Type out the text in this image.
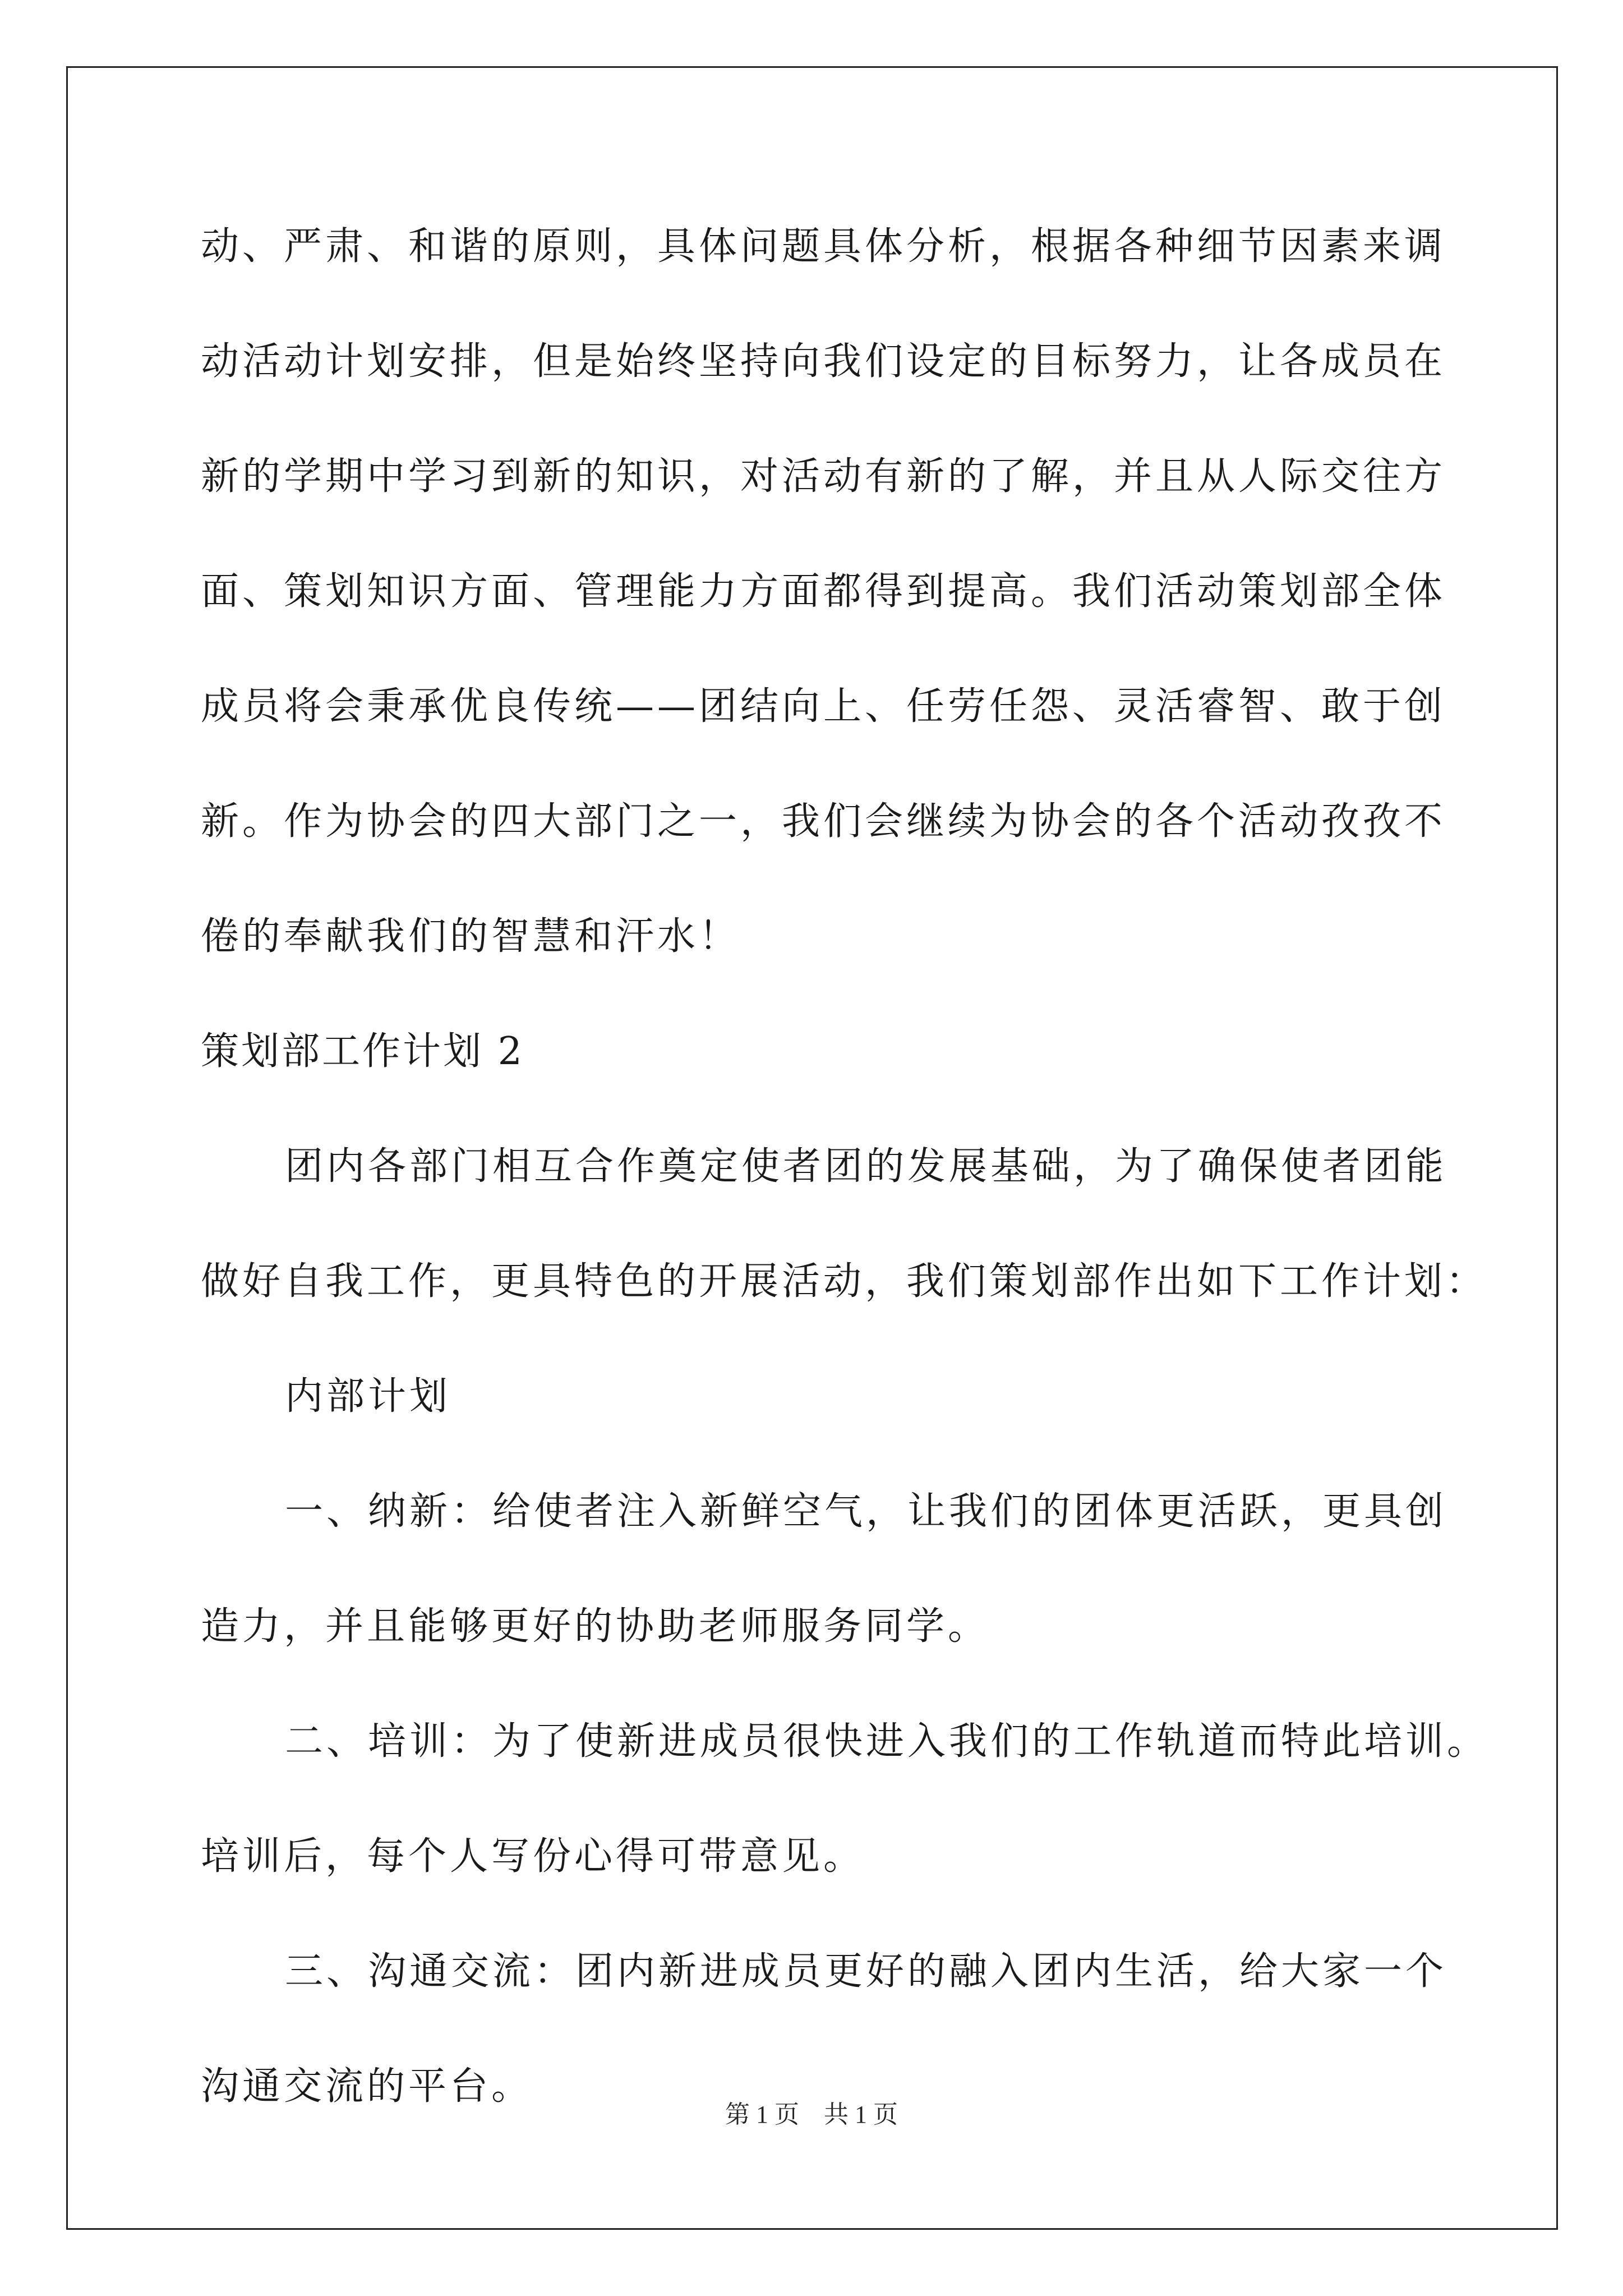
动、严肃、和谐的原则，具体问题具体分析，根据各种细节因素来调
动活动计划安排，但是始终坚持向我们设定的目标努力，让各成员在
新的学期中学习到新的知识，对活动有新的了解，并且从人际交往方
面、策划知识方面、管理能力方面都得到提高。我们活动策划部全体
成员将会秉承优良传统——团结向上、任劳任怨、灵活睿智、敢于创
新。作为协会的四大部门之一，我们会继续为协会的各个活动孜孜不
倦的奉献我们的智慧和汗水！
策划部工作计划 2
团内各部门相互合作奠定使者团的发展基础，为了确保使者团能
做好自我工作，更具特色的开展活动，我们策划部作出如下工作计划：
内部计划
一、纳新：给使者注入新鲜空气，让我们的团体更活跃，更具创
造力，并且能够更好的协助老师服务同学。
二、培训：为了使新进成员很快进入我们的工作轨道而特此培训。
培训后，每个人写份心得可带意见。
三、沟通交流：团内新进成员更好的融入团内生活，给大家一个
沟通交流的平台。
第 1 页　共 1 页
